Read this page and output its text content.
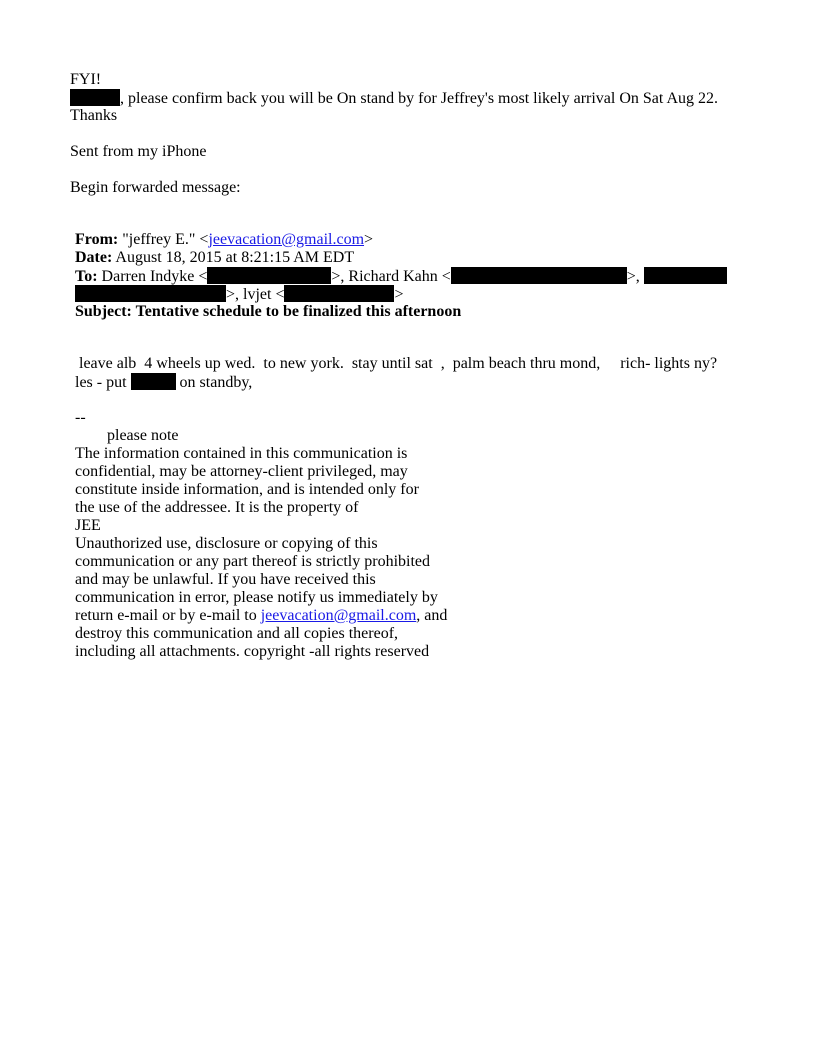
FYI!
, please confirm back you will be On stand by for Jeffrey's most likely arrival On Sat Aug 22.
Thanks
Sent from my iPhone
Begin forwarded message:
From: "jeffrey E." <jeevacation@gmail.com>
Date: August 18, 2015 at 8:21:15 AM EDT
To: Darren Indyke <	>, Richard Kahn <	>,
>, lvjet <	>
Subject: Tentative schedule to be finalized this afternoon
leave alb  4 wheels up wed.  to new york.  stay until sat  ,  palm beach thru mond,     rich- lights ny?
les - put	on standby,
--
please note
The information contained in this communication is
confidential, may be attorney-client privileged, may
constitute inside information, and is intended only for
the use of the addressee. It is the property of
JEE
Unauthorized use, disclosure or copying of this
communication or any part thereof is strictly prohibited
and may be unlawful. If you have received this
communication in error, please notify us immediately by
return e-mail or by e-mail to jeevacation@gmail.com, and
destroy this communication and all copies thereof,
including all attachments. copyright -all rights reserved
